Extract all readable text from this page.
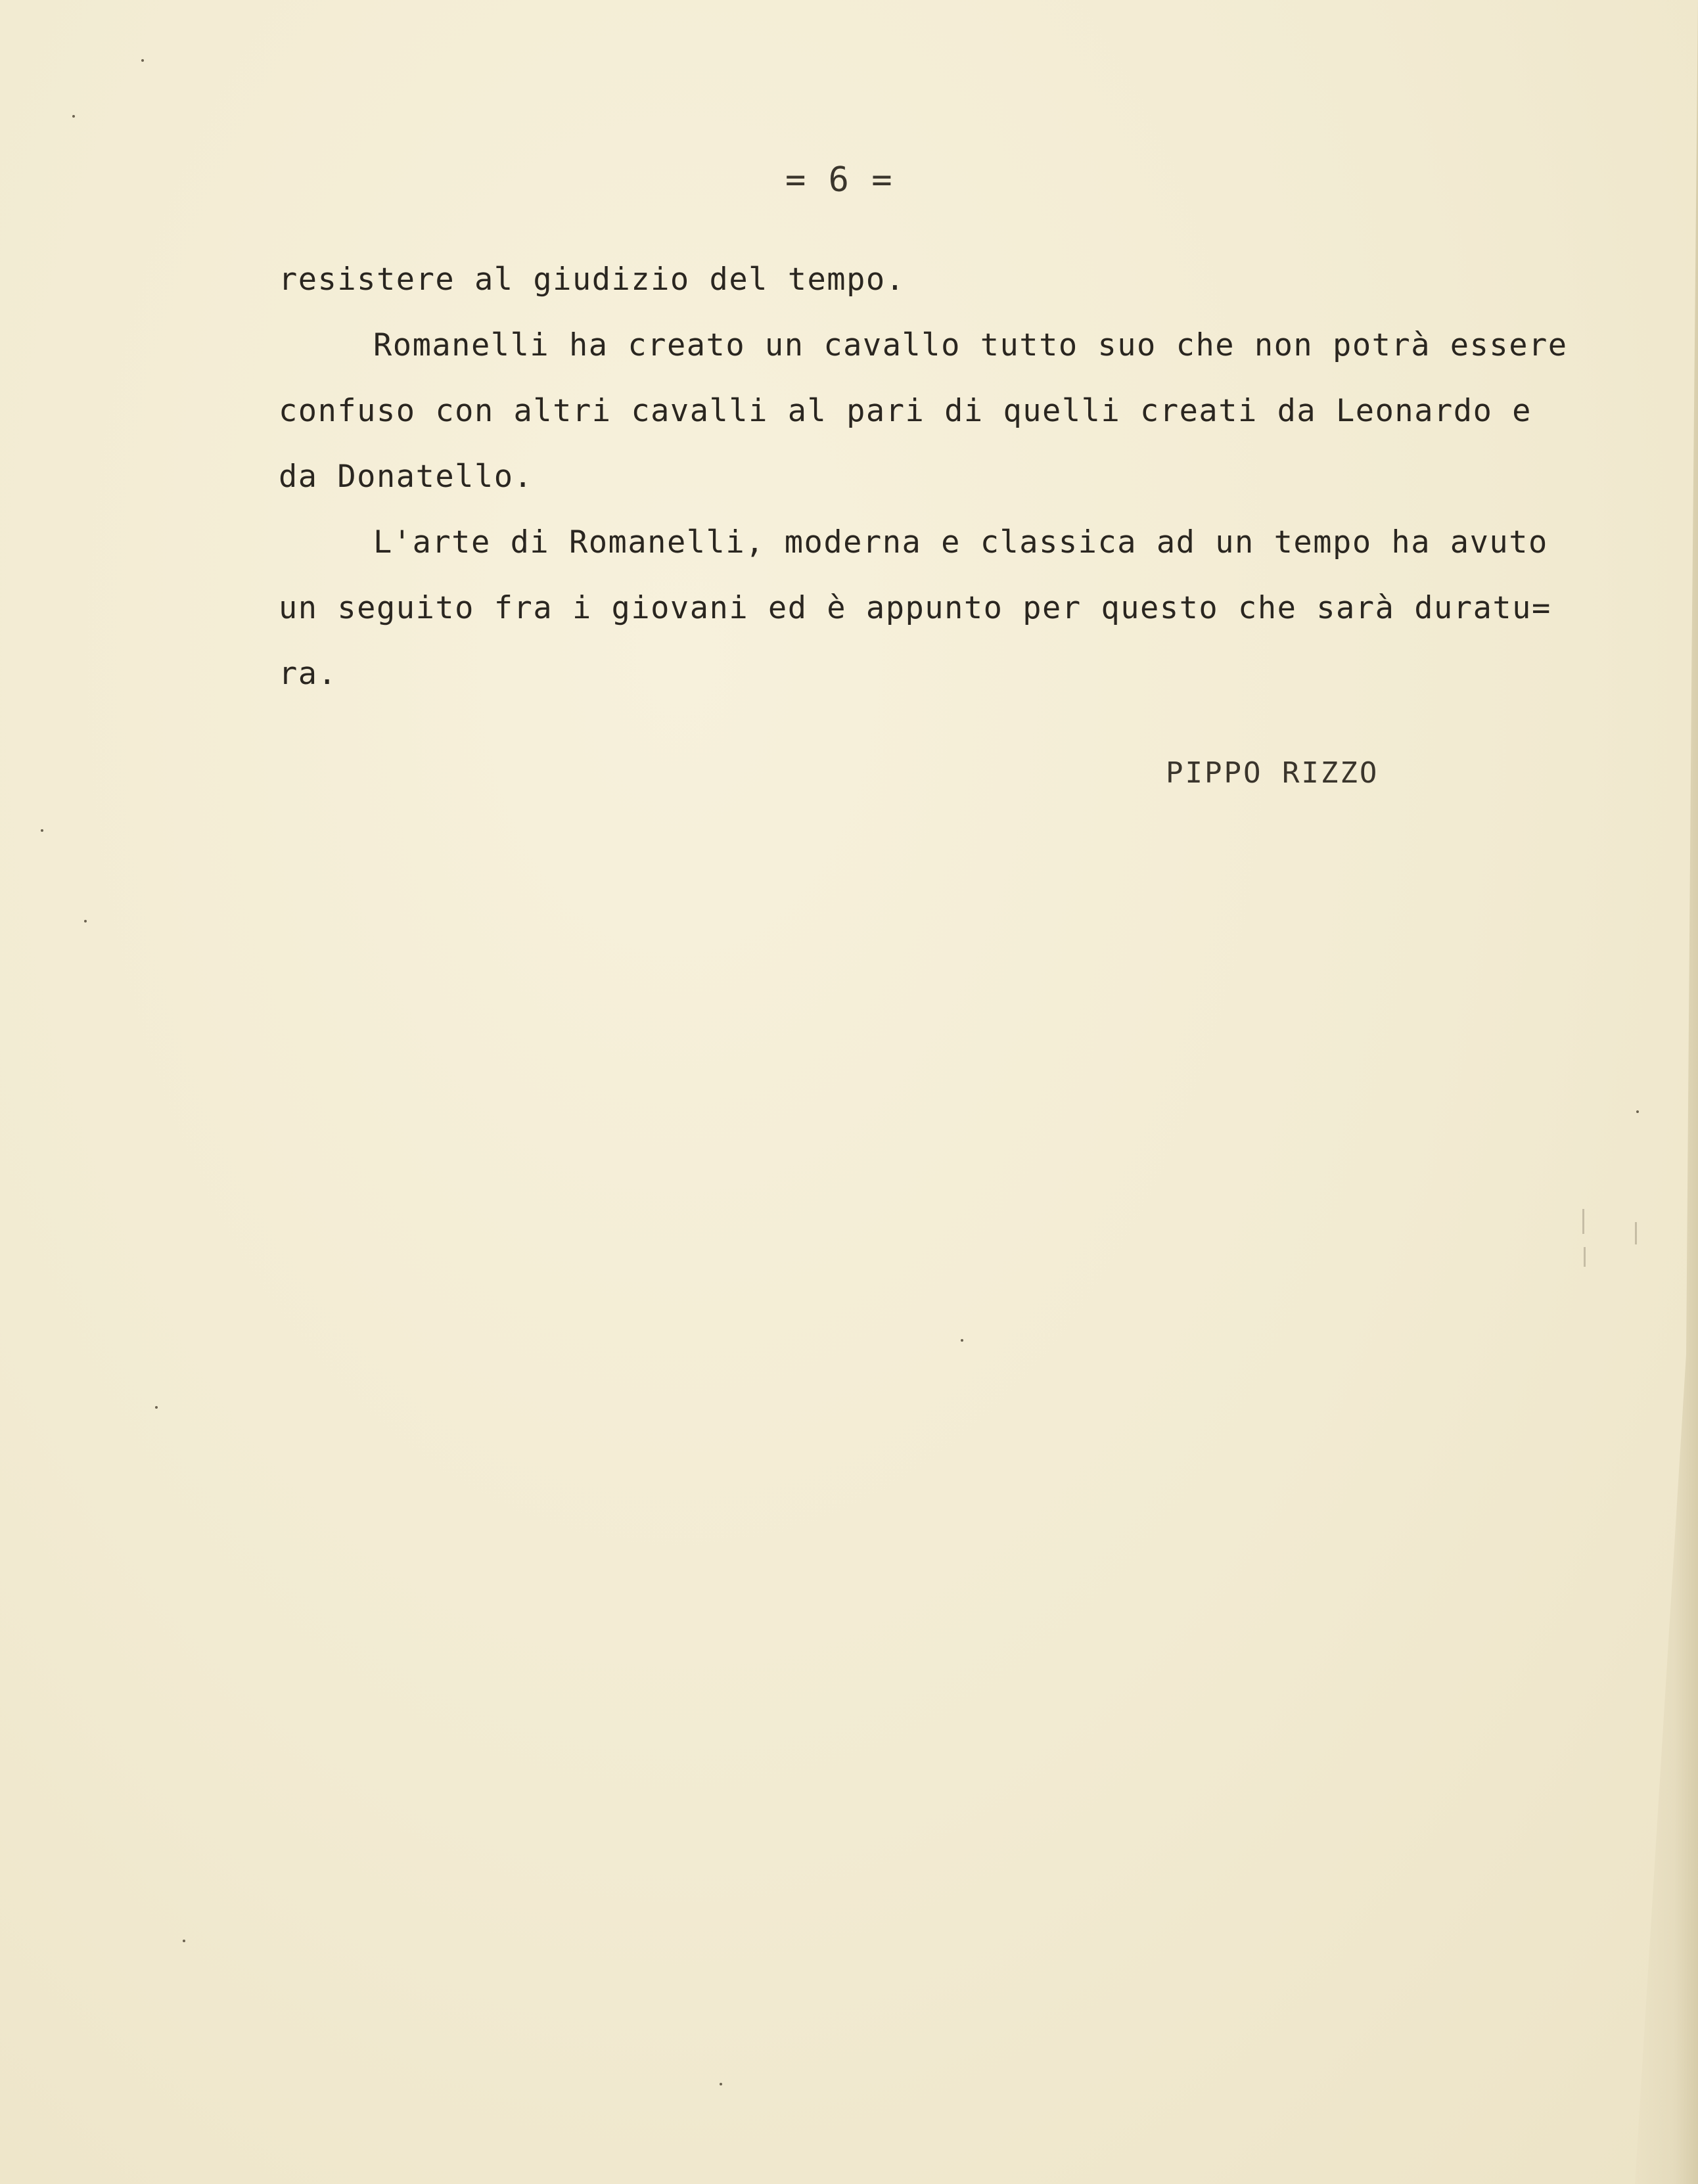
= 6 =
resistere al giudizio del tempo.
Romanelli ha creato un cavallo tutto suo che non potrà essere
confuso con altri cavalli al pari di quelli creati da Leonardo e
da Donatello.
L'arte di Romanelli, moderna e classica ad un tempo ha avuto
un seguito fra i giovani ed è appunto per questo che sarà duratu=
ra.
PIPPO RIZZO
